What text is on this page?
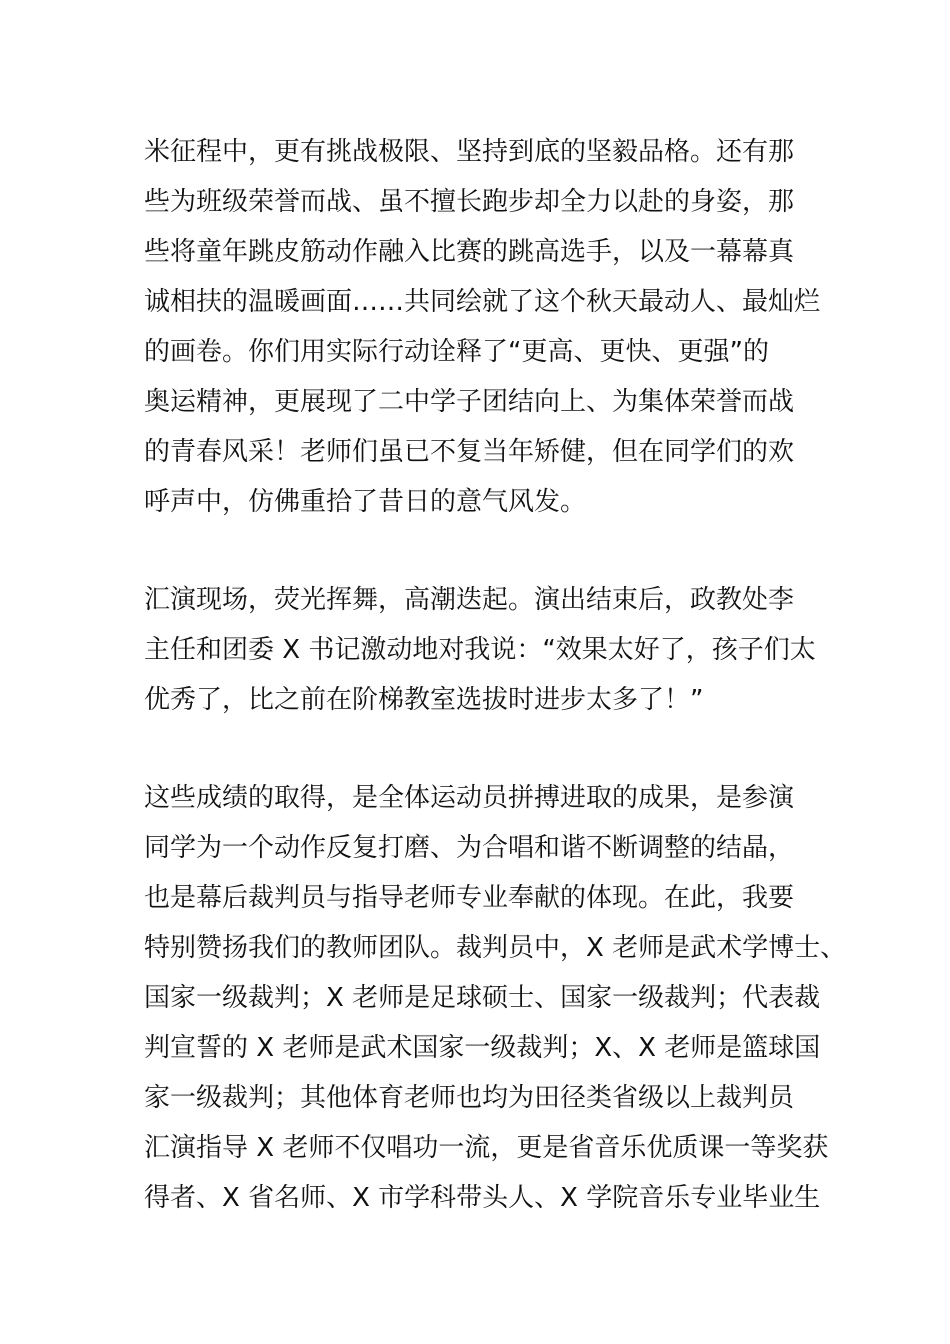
米征程中，更有挑战极限、坚持到底的坚毅品格。还有那
些为班级荣誉而战、虽不擅长跑步却全力以赴的身姿，那
些将童年跳皮筋动作融入比赛的跳高选手，以及一幕幕真
诚相扶的温暖画面……共同绘就了这个秋天最动人、最灿烂
的画卷。你们用实际行动诠释了“更高、更快、更强”的
奥运精神，更展现了二中学子团结向上、为集体荣誉而战
的青春风采！老师们虽已不复当年矫健，但在同学们的欢
呼声中，仿佛重拾了昔日的意气风发。
汇演现场，荧光挥舞，高潮迭起。演出结束后，政教处李
主任和团委 X 书记激动地对我说：“效果太好了，孩子们太
优秀了，比之前在阶梯教室选拔时进步太多了！”
这些成绩的取得，是全体运动员拼搏进取的成果，是参演
同学为一个动作反复打磨、为合唱和谐不断调整的结晶，
也是幕后裁判员与指导老师专业奉献的体现。在此，我要
特别赞扬我们的教师团队。裁判员中，X 老师是武术学博士、
国家一级裁判；X 老师是足球硕士、国家一级裁判；代表裁
判宣誓的 X 老师是武术国家一级裁判；X、X 老师是篮球国
家一级裁判；其他体育老师也均为田径类省级以上裁判员
汇演指导 X 老师不仅唱功一流，更是省音乐优质课一等奖获
得者、X 省名师、X 市学科带头人、X 学院音乐专业毕业生
